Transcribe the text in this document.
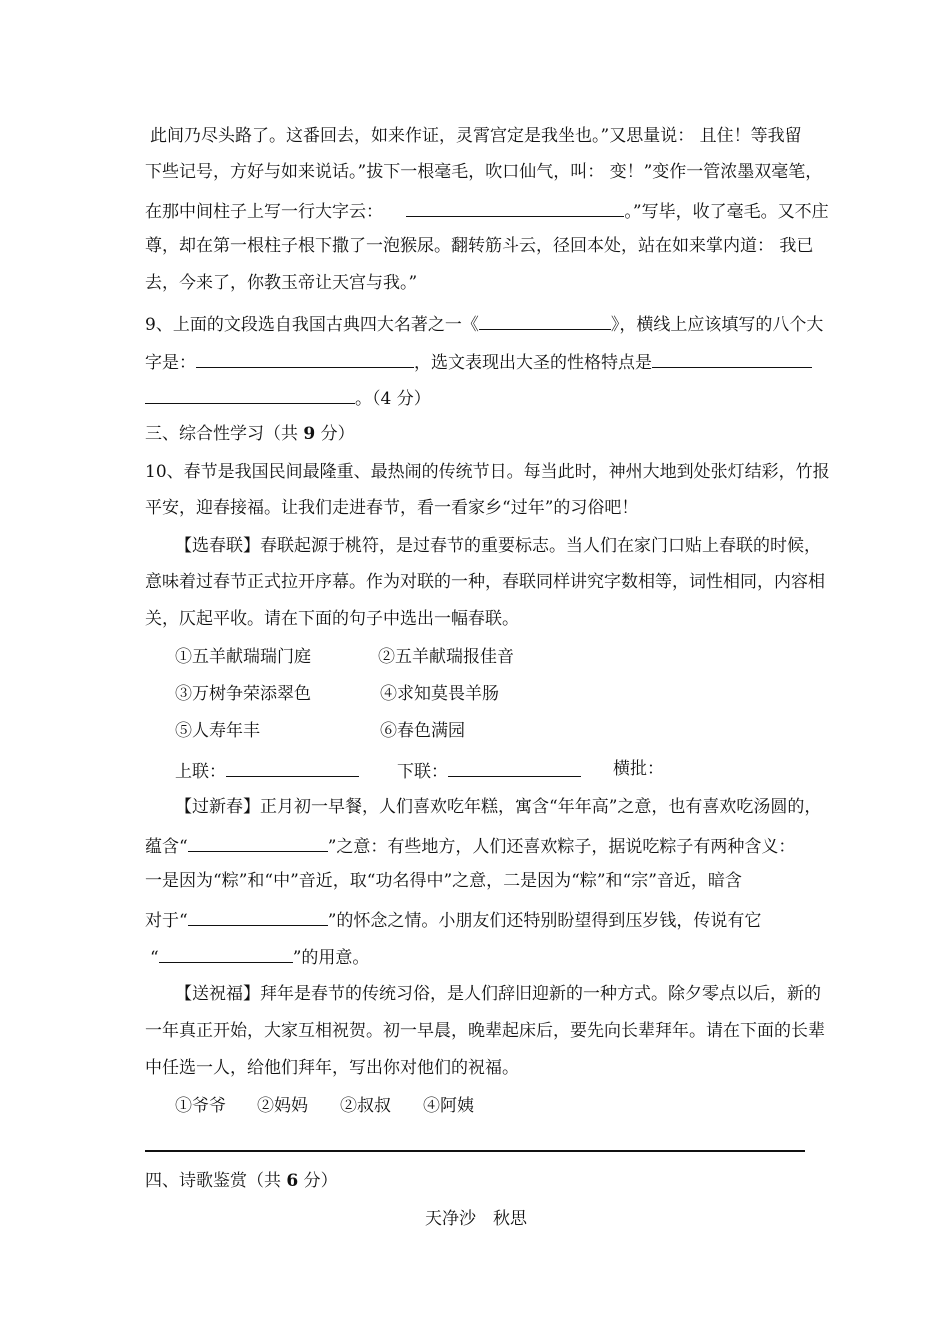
此间乃尽头路了。这番回去，如来作证，灵霄宫定是我坐也。”又思量说： 且住！等我留
下些记号，方好与如来说话。”拔下一根毫毛，吹口仙气，叫： 变！”变作一管浓墨双毫笔，
在那中间柱子上写一行大字云：	。”写毕，收了毫毛。又不庄
尊，却在第一根柱子根下撒了一泡猴尿。翻转筋斗云，径回本处，站在如来掌内道： 我已
去，今来了，你教玉帝让天宫与我。”
9、上面的文段选自我国古典四大名著之一《	》，横线上应该填写的八个大
字是：	，选文表现出大圣的性格特点是
。（4 分）
三、综合性学习（共 9 分）
10、春节是我国民间最隆重、最热闹的传统节日。每当此时，神州大地到处张灯结彩，竹报
平安，迎春接福。让我们走进春节，看一看家乡“过年”的习俗吧！
【选春联】春联起源于桃符，是过春节的重要标志。当人们在家门口贴上春联的时候，
意味着过春节正式拉开序幕。作为对联的一种，春联同样讲究字数相等，词性相同，内容相
关，仄起平收。请在下面的句子中选出一幅春联。
①五羊献瑞瑞门庭	②五羊献瑞报佳音
③万树争荣添翠色	④求知莫畏羊肠
⑤人寿年丰	⑥春色满园
上联：	下联：	横批：
【过新春】正月初一早餐，人们喜欢吃年糕，寓含“年年高”之意，也有喜欢吃汤圆的，
蕴含“	”之意：有些地方，人们还喜欢粽子，据说吃粽子有两种含义：
一是因为“粽”和“中”音近，取“功名得中”之意，二是因为“粽”和“宗”音近，暗含
对于“	”的怀念之情。小朋友们还特别盼望得到压岁钱，传说有它
“	”的用意。
【送祝福】拜年是春节的传统习俗，是人们辞旧迎新的一种方式。除夕零点以后，新的
一年真正开始，大家互相祝贺。初一早晨，晚辈起床后，要先向长辈拜年。请在下面的长辈
中任选一人，给他们拜年，写出你对他们的祝福。
①爷爷 ②妈妈 ②叔叔 ④阿姨
四、诗歌鉴赏（共 6 分）
天净沙　秋思
